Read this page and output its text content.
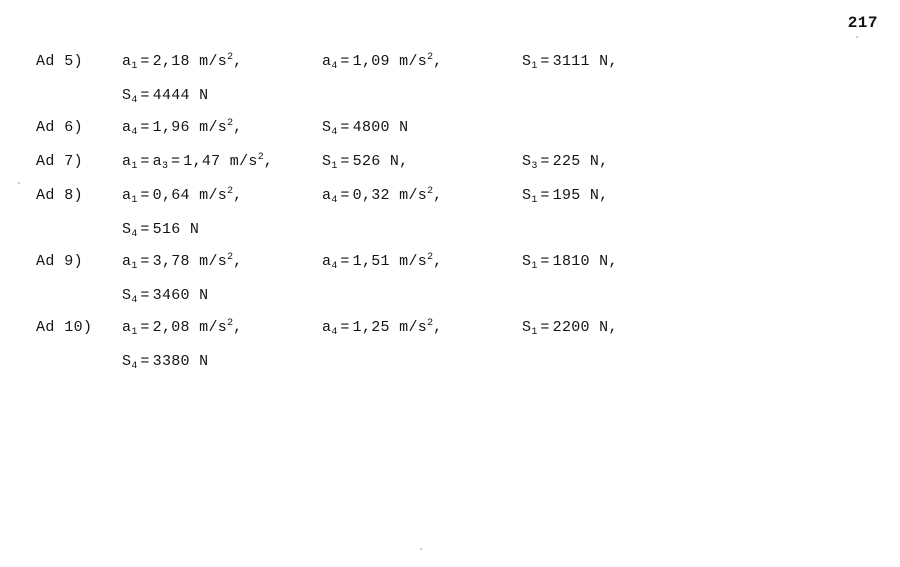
217
Ad 5)	$a_1 = 2,18$ $m/s^2$,	$a_4 = 1,09$ $m/s^2$,	$S_1 = 3111$ N,
$S_4 = 4444$ N
Ad 6)	$a_4 = 1,96$ $m/s^2$,	$S_4 = 4800$ N
Ad 7)	$a_1 = a_3 = 1,47$ $m/s^2$,	$S_1 = 526$ N,	$S_3 = 225$ N,
Ad 8)	$a_1 = 0,64$ $m/s^2$,	$a_4 = 0,32$ $m/s^2$,	$S_1 = 195$ N,
$S_4 = 516$ N
Ad 9)	$a_1 = 3,78$ $m/s^2$,	$a_4 = 1,51$ $m/s^2$,	$S_1 = 1810$ N,
$S_4 = 3460$ N
Ad 10)	$a_1 = 2,08$ $m/s^2$,	$a_4 = 1,25$ $m/s^2$,	$S_1 = 2200$ N,
$S_4 = 3380$ N
